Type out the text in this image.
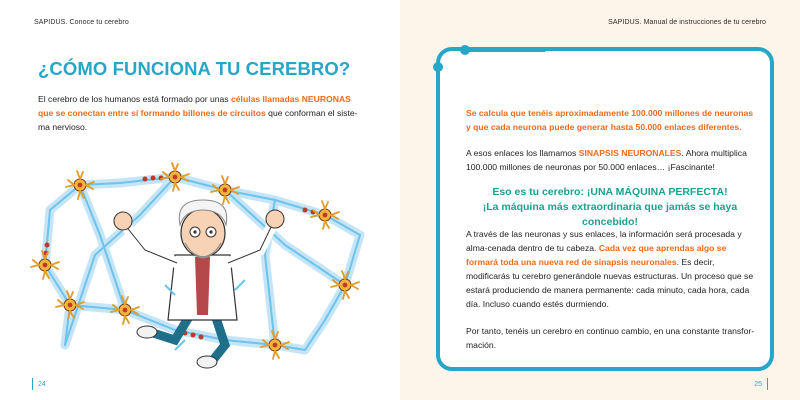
SAPIDUS. Conoce tu cerebro
¿CÓMO FUNCIONA TU CEREBRO?

El cerebro de los humanos está formado por unas células llamadas NEURONAS que se conectan entre sí formando billones de circuitos que conforman el siste-ma nervioso.

24
SAPIDUS. Manual de instrucciones de tu cerebro
25

Se calcula que tenéis aproximadamente 100.000 millones de neuronas y que cada neurona puede generar hasta 50.000 enlaces diferentes.

A esos enlaces los llamamos SINAPSIS NEURONALES. Ahora multiplica 100.000 millones de neuronas por 50.000 enlaces… ¡Fascinante!

Eso es tu cerebro: ¡UNA MÁQUINA PERFECTA!
¡La máquina más extraordinaria que jamás se haya concebido!

A través de las neuronas y sus enlaces, la información será procesada y alma-cenada dentro de tu cabeza. Cada vez que aprendas algo se formará toda una nueva red de sinapsis neuronales. Es decir, modificarás tu cerebro generándole nuevas estructuras. Un proceso que se estará produciendo de manera permanente: cada minuto, cada hora, cada día. Incluso cuando estés durmiendo.

Por tanto, tenéis un cerebro en continuo cambio, en una constante transfor-mación.
